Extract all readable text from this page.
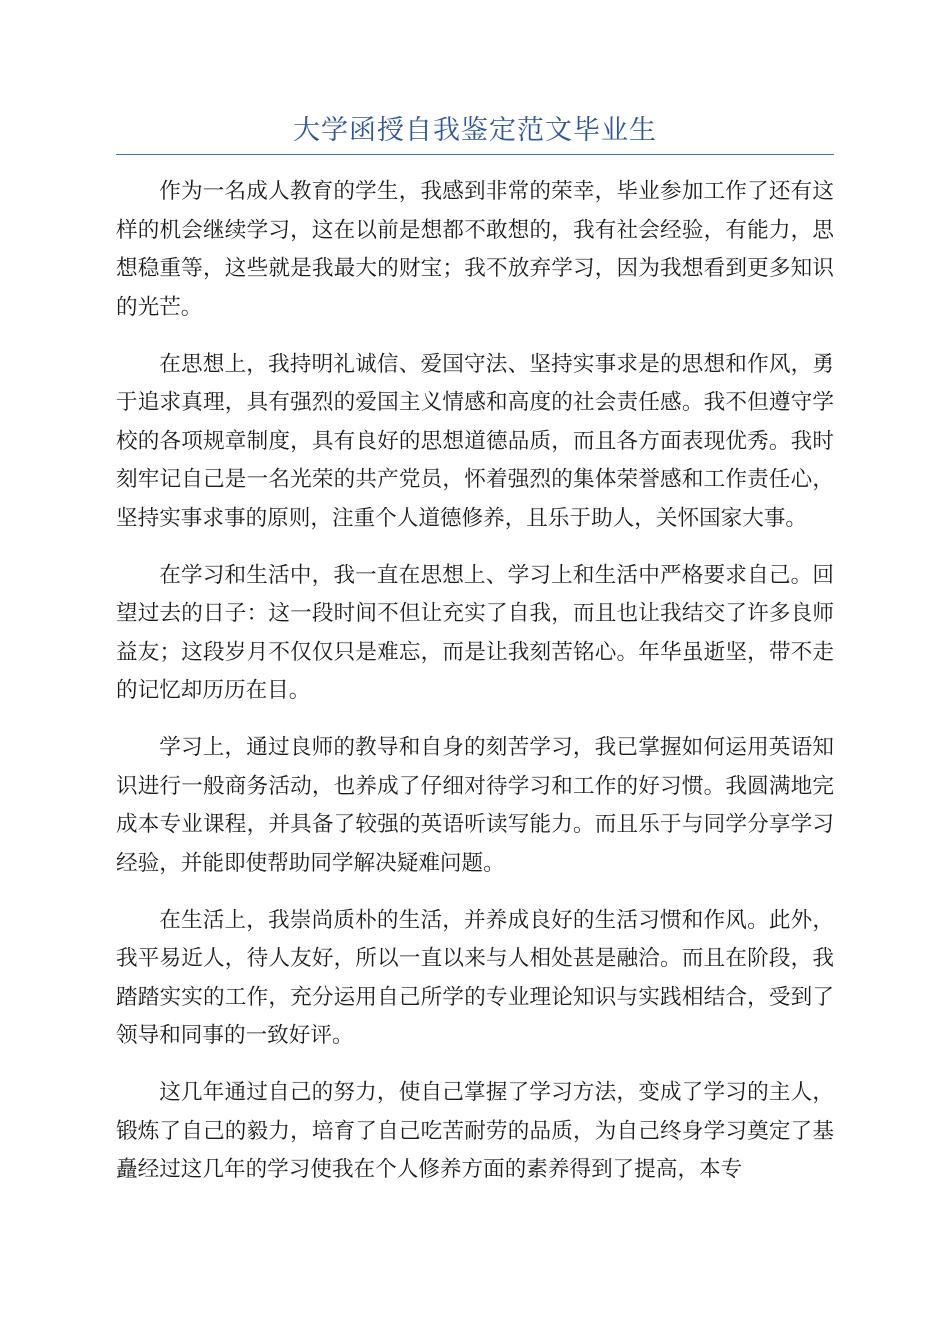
大学函授自我鉴定范文毕业生

作为一名成人教育的学生，我感到非常的荣幸，毕业参加工作了还有这样的机会继续学习，这在以前是想都不敢想的，我有社会经验，有能力，思想稳重等，这些就是我最大的财宝；我不放弃学习，因为我想看到更多知识的光芒。

在思想上，我持明礼诚信、爱国守法、坚持实事求是的思想和作风，勇于追求真理，具有强烈的爱国主义情感和高度的社会责任感。我不但遵守学校的各项规章制度，具有良好的思想道德品质，而且各方面表现优秀。我时刻牢记自己是一名光荣的共产党员，怀着强烈的集体荣誉感和工作责任心，坚持实事求事的原则，注重个人道德修养，且乐于助人，关怀国家大事。

在学习和生活中，我一直在思想上、学习上和生活中严格要求自己。回望过去的日子：这一段时间不但让充实了自我，而且也让我结交了许多良师益友；这段岁月不仅仅只是难忘，而是让我刻苦铭心。年华虽逝坚，带不走的记忆却历历在目。

学习上，通过良师的教导和自身的刻苦学习，我已掌握如何运用英语知识进行一般商务活动，也养成了仔细对待学习和工作的好习惯。我圆满地完成本专业课程，并具备了较强的英语听读写能力。而且乐于与同学分享学习经验，并能即使帮助同学解决疑难问题。

在生活上，我崇尚质朴的生活，并养成良好的生活习惯和作风。此外，我平易近人，待人友好，所以一直以来与人相处甚是融洽。而且在阶段，我踏踏实实的工作，充分运用自己所学的专业理论知识与实践相结合，受到了领导和同事的一致好评。

这几年通过自己的努力，使自己掌握了学习方法，变成了学习的主人，锻炼了自己的毅力，培育了自己吃苦耐劳的品质，为自己终身学习奠定了基矗经过这几年的学习使我在个人修养方面的素养得到了提高，本专
